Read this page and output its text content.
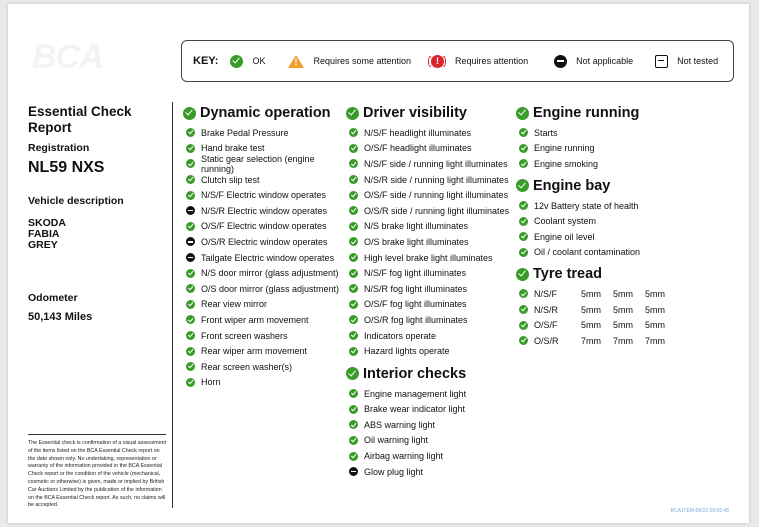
BCA	KEY:	OK
!	Requires some attention	!	Requires attention	Not applicable	Not tested
Essential Check
Report
Registration
NL59 NXS
Vehicle description
SKODA
FABIA
GREY
Odometer
50,143 Miles
The Essential check is confirmation of a visual assessment of the items listed on the BCA Essential Check report on the date shown only. No undertaking, representation or warranty of the information provided in the BCA Essential Check report or the condition of the vehicle (mechanical, cosmetic or otherwise) is given, made or implied by British Car Auctions Limited by the publication of the information on the BCA Essential Check report. As such, no claims will be accepted.
Dynamic operation
Brake Pedal Pressure
Hand brake test
Static gear selection (engine running)
Clutch slip test
N/S/F Electric window operates
N/S/R Electric window operates
O/S/F Electric window operates
O/S/R Electric window operates
Tailgate Electric window operates
N/S door mirror (glass adjustment)
O/S door mirror (glass adjustment)
Rear view mirror
Front wiper arm movement
Front screen washers
Rear wiper arm movement
Rear screen washer(s)
Horn
Driver visibility
N/S/F headlight illuminates
O/S/F headlight illuminates
N/S/F side / running light illuminates
N/S/R side / running light illuminates
O/S/F side / running light illuminates
O/S/R side / running light illuminates
N/S brake light illuminates
O/S brake light illuminates
High level brake light illuminates
N/S/F fog light illuminates
N/S/R fog light illuminates
O/S/F fog light illuminates
O/S/R fog light illuminates
Indicators operate
Hazard lights operate
Interior checks
Engine management light
Brake wear indicator light
ABS warning light
Oil warning light
Airbag warning light
Glow plug light
Engine running
Starts
Engine running
Engine smoking
Engine bay
12v Battery state of health
Coolant system
Engine oil level
Oil / coolant contamination
Tyre tread
N/S/F	5mm	5mm	5mm
N/S/R	5mm	5mm	5mm
O/S/F	5mm	5mm	5mm
O/S/R	7mm	7mm	7mm
BCA ITEM-09/22 09:02:45
